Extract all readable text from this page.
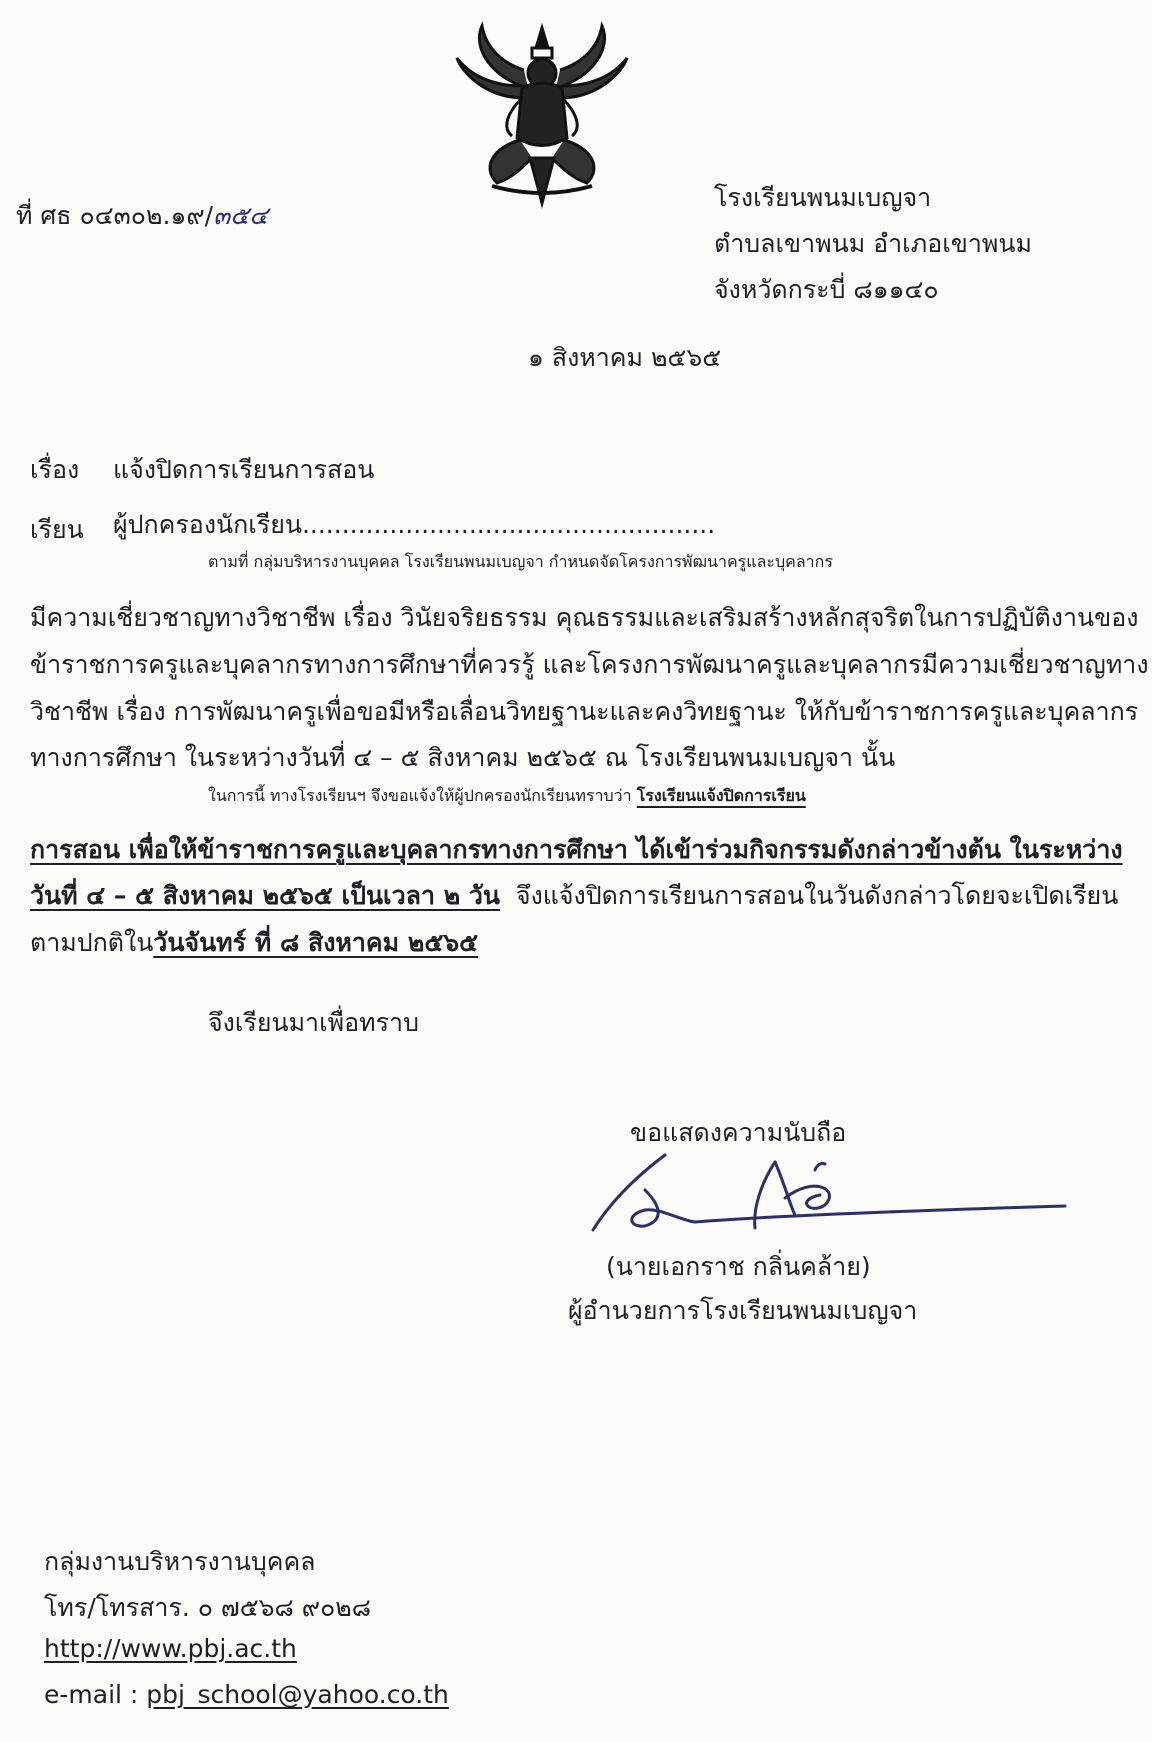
ที่ ศธ ๐๔๓๐๒.๑๙/๓๕๔
โรงเรียนพนมเบญจา
ตำบลเขาพนม อำเภอเขาพนม
จังหวัดกระบี่ ๘๑๑๔๐
๑ สิงหาคม ๒๕๖๕
เรื่อง แจ้งปิดการเรียนการสอน
เรียน ผู้ปกครองนักเรียน....................................................
ตามที่ กลุ่มบริหารงานบุคคล โรงเรียนพนมเบญจา กำหนดจัดโครงการพัฒนาครูและบุคลากร
มีความเชี่ยวชาญทางวิชาชีพ เรื่อง วินัยจริยธรรม คุณธรรมและเสริมสร้างหลักสุจริตในการปฏิบัติงานของ
ข้าราชการครูและบุคลากรทางการศึกษาที่ควรรู้ และโครงการพัฒนาครูและบุคลากรมีความเชี่ยวชาญทาง
วิชาชีพ เรื่อง การพัฒนาครูเพื่อขอมีหรือเลื่อนวิทยฐานะและคงวิทยฐานะ ให้กับข้าราชการครูและบุคลากร
ทางการศึกษา ในระหว่างวันที่ ๔ – ๕ สิงหาคม ๒๕๖๕ ณ โรงเรียนพนมเบญจา นั้น
ในการนี้ ทางโรงเรียนฯ จึงขอแจ้งให้ผู้ปกครองนักเรียนทราบว่า โรงเรียนแจ้งปิดการเรียน
การสอน เพื่อให้ข้าราชการครูและบุคลากรทางการศึกษา ได้เข้าร่วมกิจกรรมดังกล่าวข้างต้น ในระหว่าง
วันที่ ๔ – ๕ สิงหาคม ๒๕๖๕ เป็นเวลา ๒ วัน จึงแจ้งปิดการเรียนการสอนในวันดังกล่าวโดยจะเปิดเรียน
ตามปกติในวันจันทร์ ที่ ๘ สิงหาคม ๒๕๖๕
จึงเรียนมาเพื่อทราบ
ขอแสดงความนับถือ
(นายเอกราช กลิ่นคล้าย)
ผู้อำนวยการโรงเรียนพนมเบญจา
กลุ่มงานบริหารงานบุคคล
โทร/โทรสาร. ๐ ๗๕๖๘ ๙๐๒๘
http://www.pbj.ac.th
e-mail : pbj_school@yahoo.co.th
